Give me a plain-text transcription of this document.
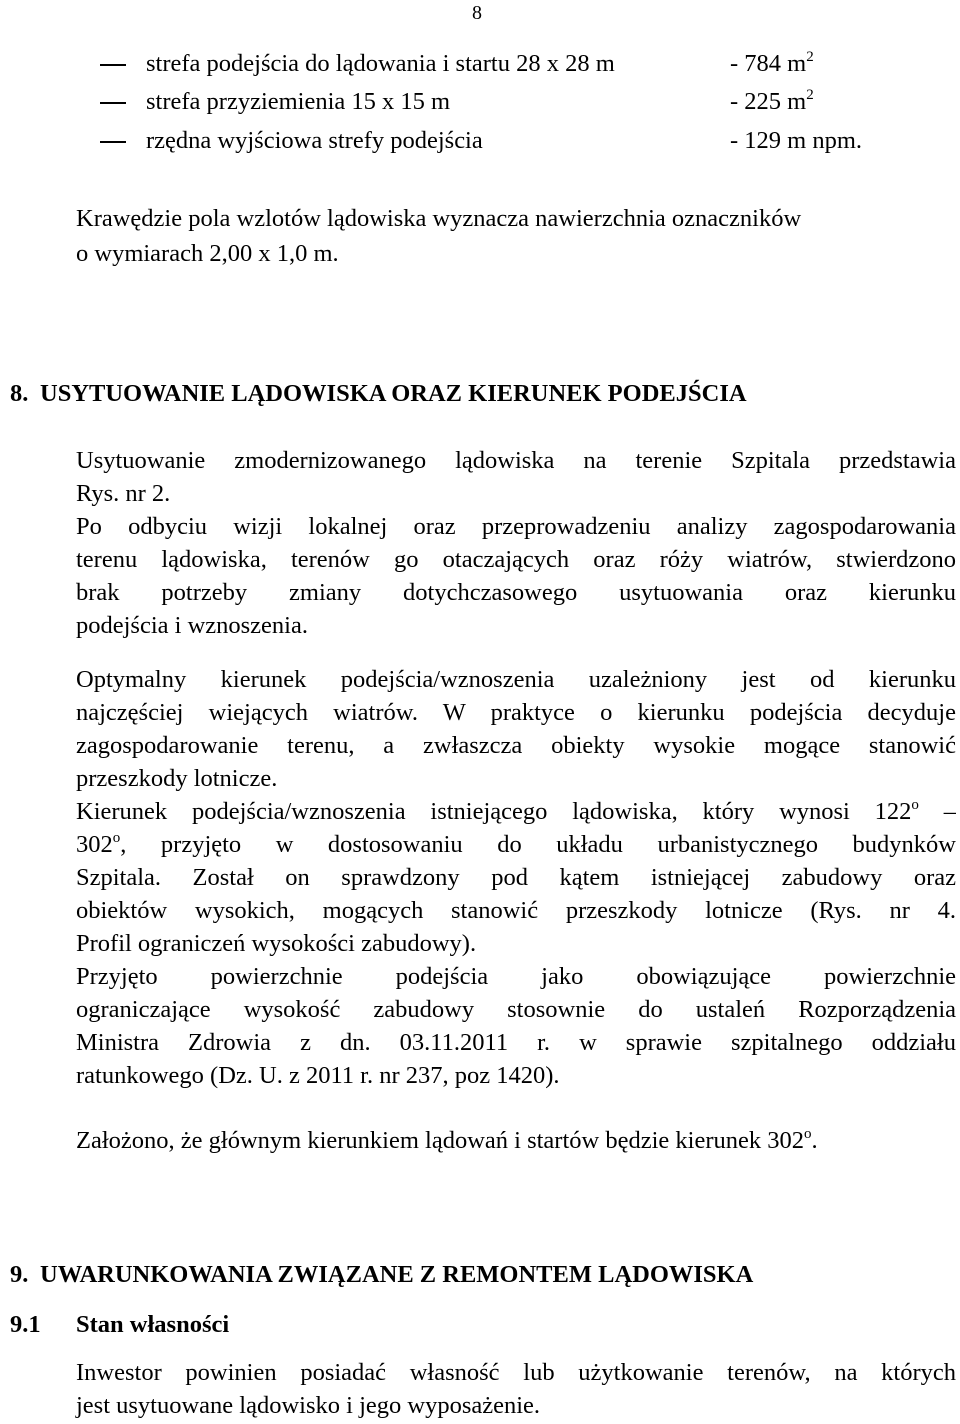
8
strefa podejścia do lądowania i startu 28 x 28 m	- 784 $m^2$
strefa przyziemienia 15 x 15 m	- 225 $m^2$
rzędna wyjściowa strefy podejścia	- 129 m npm.
Krawędzie pola wzlotów lądowiska wyznacza nawierzchnia oznaczników
o wymiarach 2,00 x 1,0 m.
8. USYTUOWANIE LĄDOWISKA ORAZ KIERUNEK PODEJŚCIA
Usytuowanie zmodernizowanego lądowiska na terenie Szpitala przedstawia
Rys. nr 2.
Po odbyciu wizji lokalnej oraz przeprowadzeniu analizy zagospodarowania
terenu lądowiska, terenów go otaczających oraz róży wiatrów, stwierdzono
brak potrzeby zmiany dotychczasowego usytuowania oraz kierunku
podejścia i wznoszenia.
Optymalny kierunek podejścia/wznoszenia uzależniony jest od kierunku
najczęściej wiejących wiatrów. W praktyce o kierunku podejścia decyduje
zagospodarowanie terenu, a zwłaszcza obiekty wysokie mogące stanowić
przeszkody lotnicze.
Kierunek podejścia/wznoszenia istniejącego lądowiska, który wynosi 122$^o$ –
302$^o$, przyjęto w dostosowaniu do układu urbanistycznego budynków
Szpitala. Został on sprawdzony pod kątem istniejącej zabudowy oraz
obiektów wysokich, mogących stanowić przeszkody lotnicze (Rys. nr 4.
Profil ograniczeń wysokości zabudowy).
Przyjęto powierzchnie podejścia jako obowiązujące powierzchnie
ograniczające wysokość zabudowy stosownie do ustaleń Rozporządzenia
Ministra Zdrowia z dn. 03.11.2011 r. w sprawie szpitalnego oddziału
ratunkowego (Dz. U. z 2011 r. nr 237, poz 1420).
Założono, że głównym kierunkiem lądowań i startów będzie kierunek 302$^o$.
9. UWARUNKOWANIA ZWIĄZANE Z REMONTEM LĄDOWISKA
9.1 Stan własności
Inwestor powinien posiadać własność lub użytkowanie terenów, na których
jest usytuowane lądowisko i jego wyposażenie.
